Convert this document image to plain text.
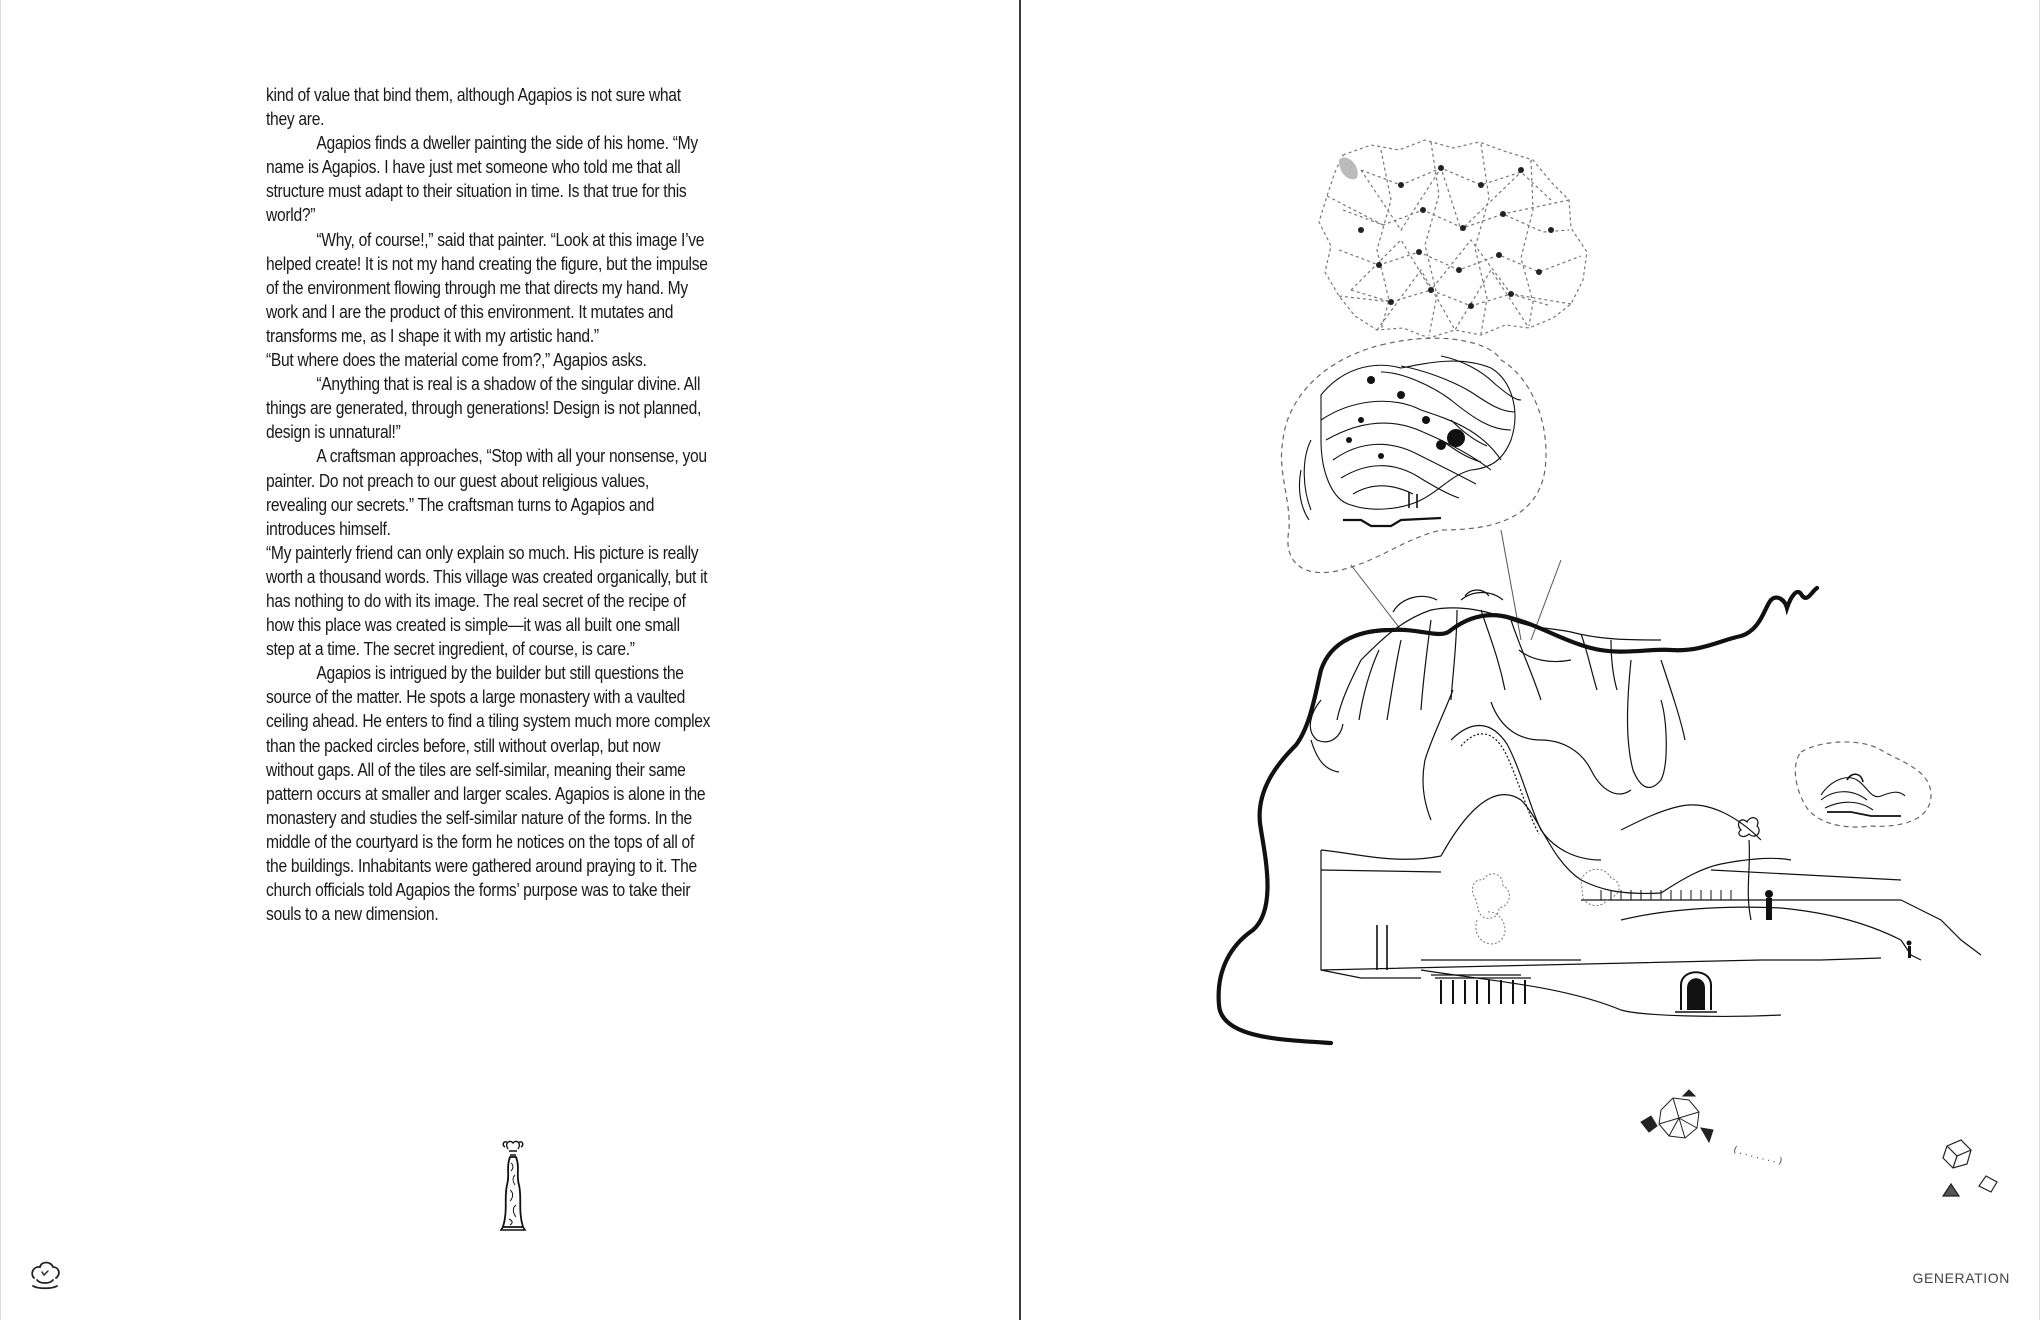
kind of value that bind them, although Agapios is not sure what they are.

Agapios finds a dweller painting the side of his home. “My name is Agapios. I have just met someone who told me that all structure must adapt to their situation in time. Is that true for this world?”

“Why, of course!,” said that painter. “Look at this image I’ve helped create! It is not my hand creating the figure, but the impulse of the environment flowing through me that directs my hand. My work and I are the product of this environment. It mutates and transforms me, as I shape it with my artistic hand.”

“But where does the material come from?,” Agapios asks.

“Anything that is real is a shadow of the singular divine. All things are generated, through generations! Design is not planned, design is unnatural!”

A craftsman approaches, “Stop with all your nonsense, you painter. Do not preach to our guest about religious values, revealing our secrets.” The craftsman turns to Agapios and introduces himself.

“My painterly friend can only explain so much. His picture is really worth a thousand words. This village was created organically, but it has nothing to do with its image. The real secret of the recipe of how this place was created is simple—it was all built one small step at a time. The secret ingredient, of course, is care.”

Agapios is intrigued by the builder but still questions the source of the matter. He spots a large monastery with a vaulted ceiling ahead. He enters to find a tiling system much more complex than the packed circles before, still without overlap, but now without gaps. All of the tiles are self-similar, meaning their same pattern occurs at smaller and larger scales. Agapios is alone in the monastery and studies the self-similar nature of the forms. In the middle of the courtyard is the form he notices on the tops of all of the buildings. Inhabitants were gathered around praying to it. The church officials told Agapios the forms’ purpose was to take their souls to a new dimension.

( . . . . . . . )
GENERATION
